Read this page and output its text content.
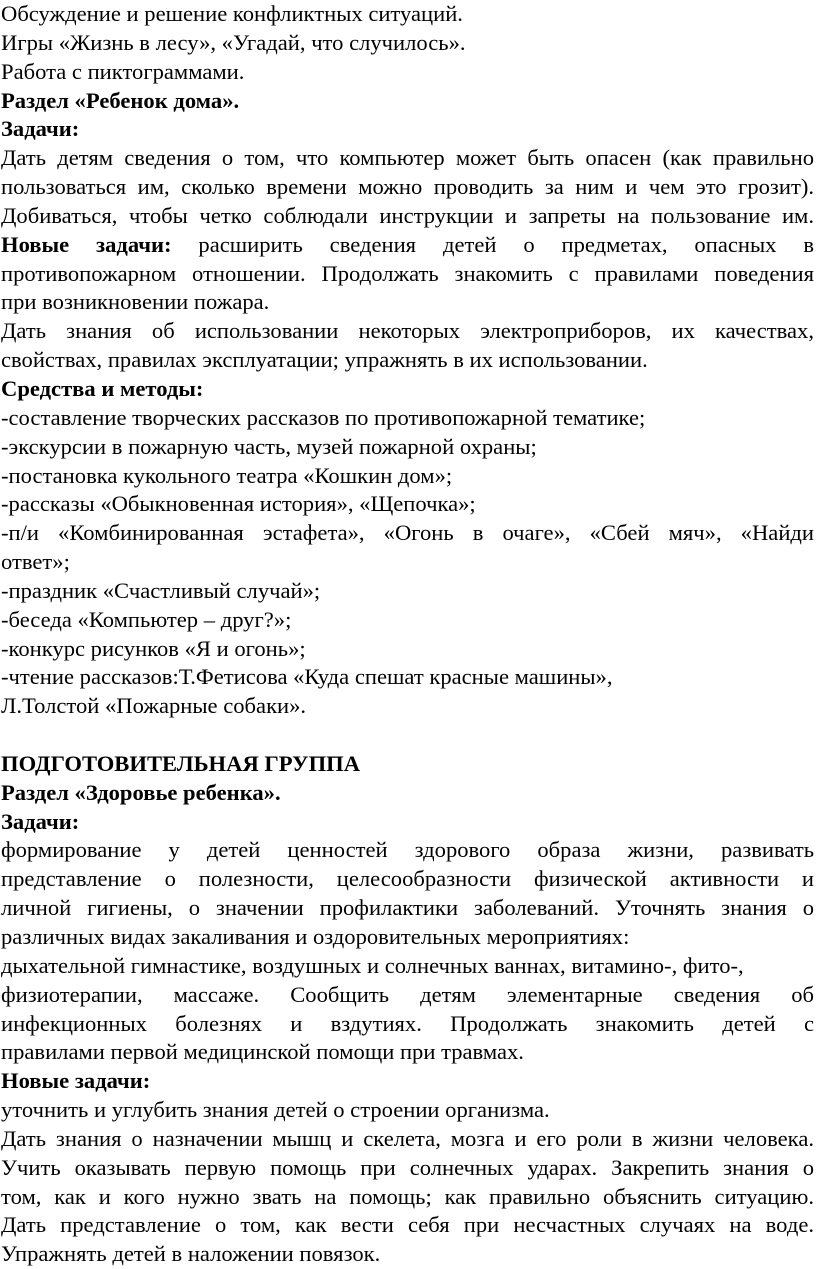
Обсуждение и решение конфликтных ситуаций.
Игры «Жизнь в лесу», «Угадай, что случилось».
Работа с пиктограммами.
Раздел «Ребенок дома».
Задачи:
Дать детям сведения о том, что компьютер может быть опасен (как правильно
пользоваться им, сколько времени можно проводить за ним и чем это грозит).
Добиваться, чтобы четко соблюдали инструкции и запреты на пользование им.
Новые задачи: расширить сведения детей о предметах, опасных в
противопожарном отношении. Продолжать знакомить с правилами поведения
при возникновении пожара.
Дать знания об использовании некоторых электроприборов, их качествах,
свойствах, правилах эксплуатации; упражнять в их использовании.
Средства и методы:
-составление творческих рассказов по противопожарной тематике;
-экскурсии в пожарную часть, музей пожарной охраны;
-постановка кукольного театра «Кошкин дом»;
-рассказы «Обыкновенная история», «Щепочка»;
-п/и «Комбинированная эстафета», «Огонь в очаге», «Сбей мяч», «Найди
ответ»;
-праздник «Счастливый случай»;
-беседа «Компьютер – друг?»;
-конкурс рисунков «Я и огонь»;
-чтение рассказов:Т.Фетисова «Куда спешат красные машины»,
Л.Толстой «Пожарные собаки».
ПОДГОТОВИТЕЛЬНАЯ ГРУППА
Раздел «Здоровье ребенка».
Задачи:
формирование у детей ценностей здорового образа жизни, развивать
представление о полезности, целесообразности физической активности и
личной гигиены, о значении профилактики заболеваний. Уточнять знания о
различных видах закаливания и оздоровительных мероприятиях:
дыхательной гимнастике, воздушных и солнечных ваннах, витамино-, фито-,
физиотерапии, массаже. Сообщить детям элементарные сведения об
инфекционных болезнях и вздутиях. Продолжать знакомить детей с
правилами первой медицинской помощи при травмах.
Новые задачи:
уточнить и углубить знания детей о строении организма.
Дать знания о назначении мышц и скелета, мозга и его роли в жизни человека.
Учить оказывать первую помощь при солнечных ударах. Закрепить знания о
том, как и кого нужно звать на помощь; как правильно объяснить ситуацию.
Дать представление о том, как вести себя при несчастных случаях на воде.
Упражнять детей в наложении повязок.
